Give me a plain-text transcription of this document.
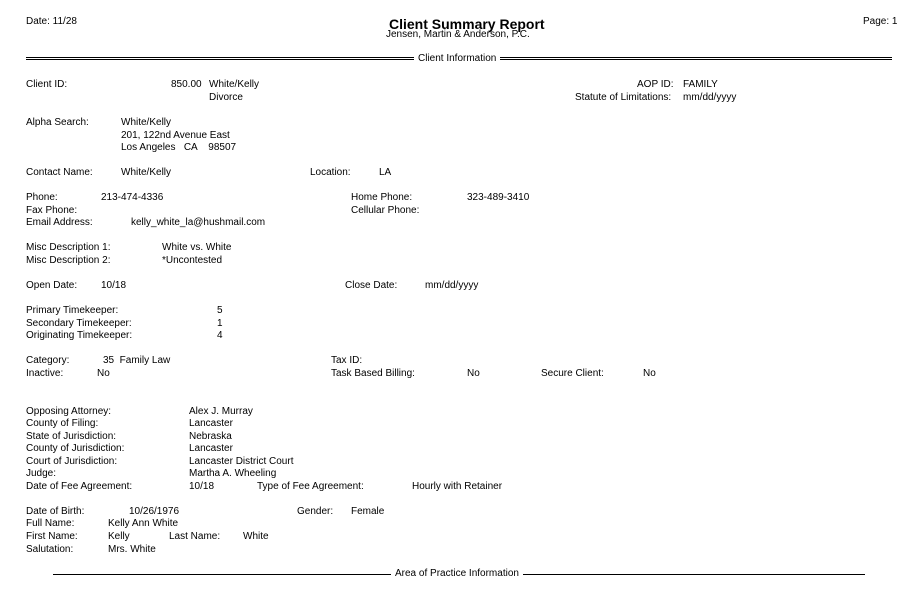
Date: 11/28	Client Summary Report
Jensen, Martin & Anderson, P.C.
Page: 1
Client Information
Client ID:	850.00 White/Kelly
Divorce
AOP ID: FAMILY
Statute of Limitations: mm/dd/yyyy
Alpha Search:	White/Kelly
201, 122nd Avenue East
Los Angeles   CA    98507
Contact Name:	White/Kelly	Location:	LA
Phone:	213-474-4336	Home Phone:	323-489-3410
Fax Phone:	Cellular Phone:
Email Address:	kelly_white_la@hushmail.com
Misc Description 1:	White vs. White
Misc Description 2:	*Uncontested
Open Date: 10/18	Close Date:	mm/dd/yyyy
Primary Timekeeper:	5
Secondary Timekeeper:	1
Originating Timekeeper:	4
Category:	35  Family Law	Tax ID:
Inactive:	No	Task Based Billing:	No	Secure Client:	No
Opposing Attorney:	Alex J. Murray
County of Filing:	Lancaster
State of Jurisdiction:	Nebraska
County of Jurisdiction:	Lancaster
Court of Jurisdiction:	Lancaster District Court
Judge:	Martha A. Wheeling
Date of Fee Agreement:	10/18	Type of Fee Agreement:	Hourly with Retainer
Date of Birth:	10/26/1976	Gender: Female
Full Name:	Kelly Ann White
First Name:	Kelly	Last Name: White
Salutation:	Mrs. White
Area of Practice Information
